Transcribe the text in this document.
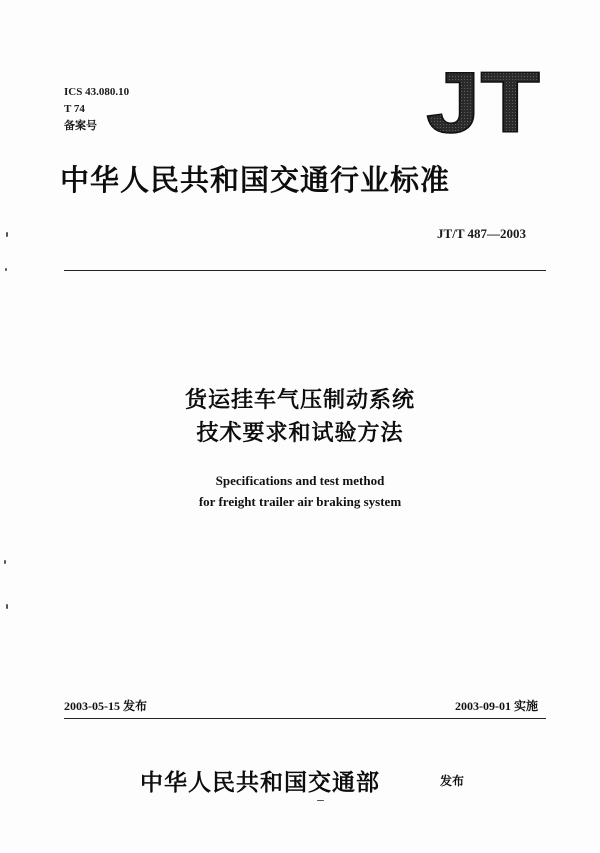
ICS 43.080.10
T 74
备案号	JT
中华人民共和国交通行业标准
JT/T 487—2003
货运挂车气压制动系统
技术要求和试验方法
Specifications and test method
for freight trailer air braking system
2003-05-15 发布	2003-09-01 实施
中华人民共和国交通部	发布
